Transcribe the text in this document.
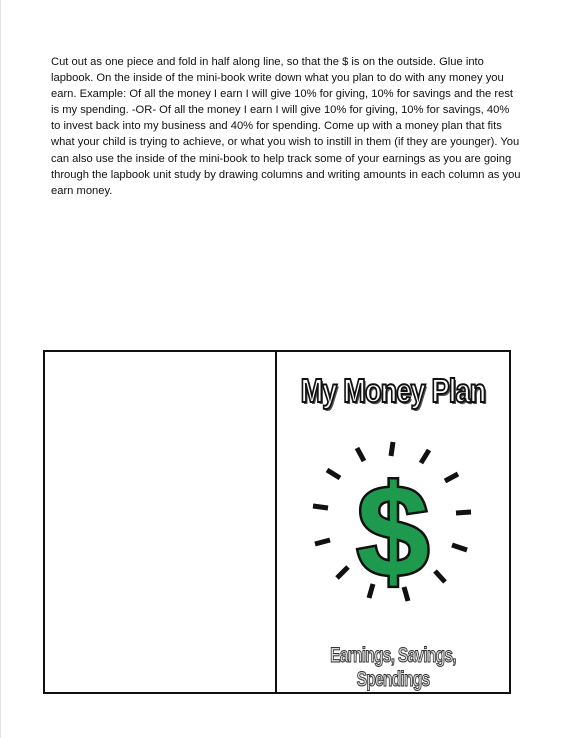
Cut out as one piece and fold in half along line, so that the $ is on the outside. Glue into lapbook. On the inside of the mini-book write down what you plan to do with any money you earn. Example: Of all the money I earn I will give 10% for giving, 10% for savings and the rest is my spending. -OR- Of all the money I earn I will give 10% for giving, 10% for savings, 40% to invest back into my business and 40% for spending. Come up with a money plan that fits what your child is trying to achieve, or what you wish to instill in them (if they are younger). You can also use the inside of the mini-book to help track some of your earnings as you are going through the lapbook unit study by drawing columns and writing amounts in each column as you earn money.

My Money Plan
$
Earnings, Savings, Spendings
